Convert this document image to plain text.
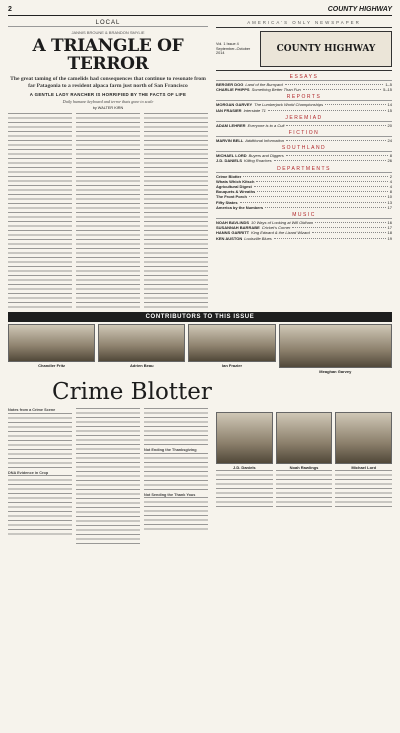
2	COUNTY HIGHWAY
LOCAL
JANNIS BROUNE & BRANDON SMYLIE
A TRIANGLE OF TERROR
The great taming of the camelids had consequences that continue to resonate from far Patagonia to a resident alpaca farm just north of San Francisco
A GENTLE LADY RANCHER IS HORRIFIED BY THE FACTS OF LIFE
Daily humane keyboard and terror thats gone to scale
by WALTER KIRN
AMERICA'S ONLY NEWSPAPER
Vol. 1 Issue 4 September–October 2014	COUNTY HIGHWAY
ESSAYS
BERGER DOG Land of the Burnyard	1–5
CHARLIE PHIPPS Something Better Than Fun	5–15
REPORTS
MORGAN GARVEY The Lumberjack World Championships	14
IAN FRASIER Interstate 71	15
JEREMIAD
ADAM LEHRER Everyone is to a Cult	20
FICTION
MARVIN BELL Additional Information	24
SOUTHLAND
MICHAEL LORD Buyers and Diggers	8
J.D. DANIELS Killing Roaches	26
DEPARTMENTS
Crime Blotter	2
Whats Which Kitsch	4
Agricultural Digest	4
Bouquets & Wreaths	8
The Front Porch	10
Fifty States	13
America by the Numbers	17
MUSIC
NOAH BAVLINDS 10 Ways of Looking at Will Oldham	16
SUSANNAH BARRABE Cricket's Corner	17
HANNS GARRITT King Edward & the Lizard Wizard	18
KEN AUSTON Louisville Blues	19
CONTRIBUTORS TO THIS ISSUE
Chandler Fritz	Adrien Beau	Ian Frazier
Meaghan Garvey
Crime Blotter
Notes from a Crime Scene
DNA Evidence in Crop
Not Ending the Thanksgiving
Not Sending the Thank Yous
J.D. Daniels	Noah Rawlings	Michael Lord
